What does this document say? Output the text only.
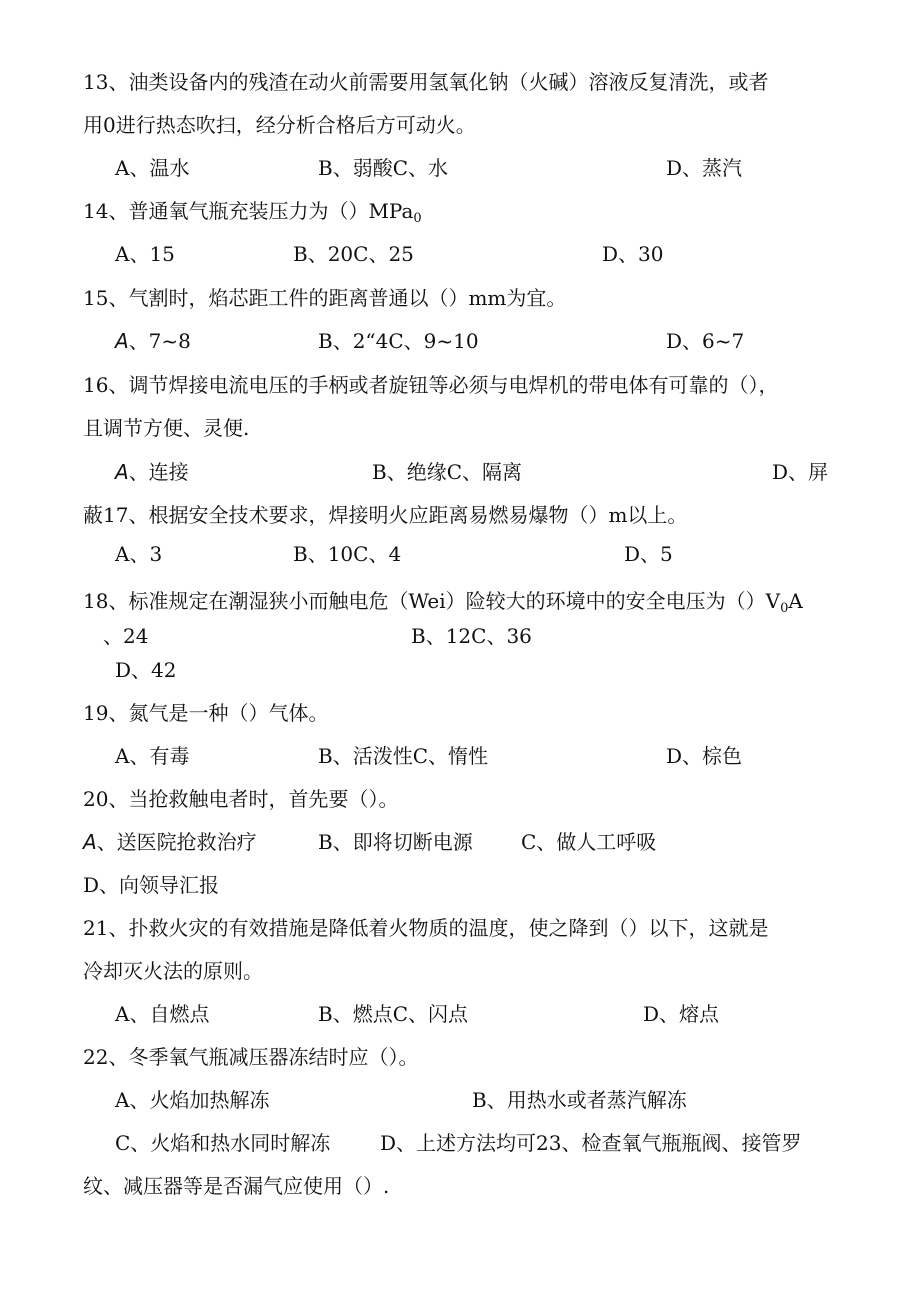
13、油类设备内的残渣在动火前需要用氢氧化钠（火碱）溶液反复清洗，或者
用0进行热态吹扫，经分析合格后方可动火。
A、温水	B、弱酸C、水	D、蒸汽
14、普通氧气瓶充装压力为（）MPa$_0$
A、15	B、20C、25	D、30
15、气割时，焰芯距工件的距离普通以（）mm为宜。
A、7~8	B、2“4C、9~10	D、6~7
16、调节焊接电流电压的手柄或者旋钮等必须与电焊机的带电体有可靠的（），
且调节方便、灵便.
A、连接	B、绝缘C、隔离	D、屏
蔽17、根据安全技术要求，焊接明火应距离易燃易爆物（）m以上。
A、3	B、10C、4	D、5
18、标准规定在潮湿狭小而触电危（Wei）险较大的环境中的安全电压为$()V_0A$
、24	B、12C、36
D、42
19、氮气是一种（）气体。
A、有毒	B、活泼性C、惰性	D、棕色
20、当抢救触电者时，首先要（）。
A、送医院抢救治疗	B、即将切断电源 C、做人工呼吸
D、向领导汇报
21、扑救火灾的有效措施是降低着火物质的温度，使之降到（）以下，这就是
冷却灭火法的原则。
A、自燃点	B、燃点C、闪点	D、熔点
22、冬季氧气瓶减压器冻结时应（）。
A、火焰加热解冻	B、用热水或者蒸汽解冻
C、火焰和热水同时解冻 D、上述方法均可23、检查氧气瓶瓶阀、接管罗
纹、减压器等是否漏气应使用（）.
